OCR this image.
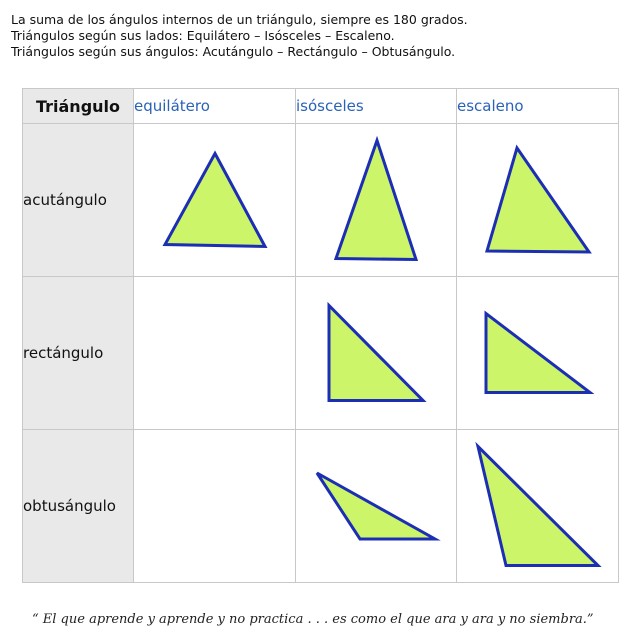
La suma de los ángulos internos de un triángulo, siempre es 180 grados.
Triángulos según sus lados: Equilátero – Isósceles – Escaleno.
Triángulos según sus ángulos: Acutángulo – Rectángulo – Obtusángulo.
Triángulo	equilátero	isósceles	escaleno
acutángulo	

rectángulo		

obtusángulo		

“ El que aprende y aprende y no practica . . . es como el que ara y ara y no siembra.”
